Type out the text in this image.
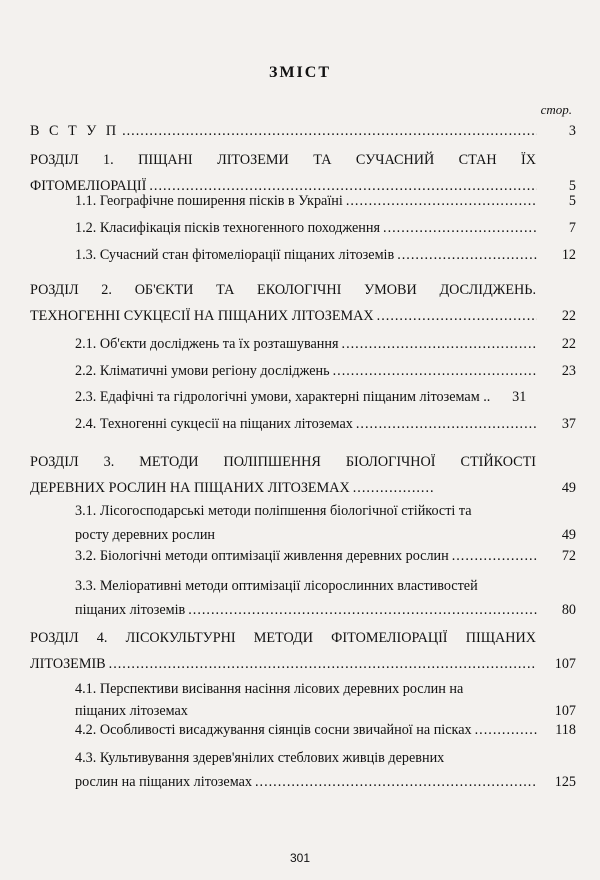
ЗМІСТ
стор.
В С Т У П .....	3
РОЗДІЛ 1. ПІЩАНІ ЛІТОЗЕМИ ТА СУЧАСНИЙ СТАН ЇХ
ФІТОМЕЛІОРАЦІЇ .....	5
1.1. Географічне поширення пісків в Україні .....	5
1.2. Класифікація пісків техногенного походження .....	7
1.3. Сучасний стан фітомеліорації піщаних літоземів .....	12
РОЗДІЛ 2. ОБ'ЄКТИ ТА ЕКОЛОГІЧНІ УМОВИ ДОСЛІДЖЕНЬ.
ТЕХНОГЕННІ СУКЦЕСІЇ НА ПІЩАНИХ ЛІТОЗЕМАХ .....	22
2.1. Об'єкти досліджень та їх розташування .....	22
2.2. Кліматичні умови регіону досліджень .....	23
2.3. Едафічні та гідрологічні умови, характерні піщаним літоземам ..	31
2.4. Техногенні сукцесії на піщаних літоземах .....	37
РОЗДІЛ 3. МЕТОДИ ПОЛІПШЕННЯ БІОЛОГІЧНОЇ СТІЙКОСТІ
ДЕРЕВНИХ РОСЛИН НА ПІЩАНИХ ЛІТОЗЕМАХ .....	49
3.1. Лісогосподарські методи поліпшення біологічної стійкості та
росту деревних рослин	49
3.2. Біологічні методи оптимізації живлення деревних рослин .....	72
3.3. Меліоративні методи оптимізації лісорослинних властивостей
піщаних літоземів .....	80
РОЗДІЛ 4. ЛІСОКУЛЬТУРНІ МЕТОДИ ФІТОМЕЛІОРАЦІЇ ПІЩАНИХ
ЛІТОЗЕМІВ .....	107
4.1. Перспективи висівання насіння лісових деревних рослин на
піщаних літоземах	107
4.2. Особливості висаджування сіянців сосни звичайної на пісках .....	118
4.3. Культивування здерев'янілих стеблових живців деревних
рослин на піщаних літоземах .....	125
301
